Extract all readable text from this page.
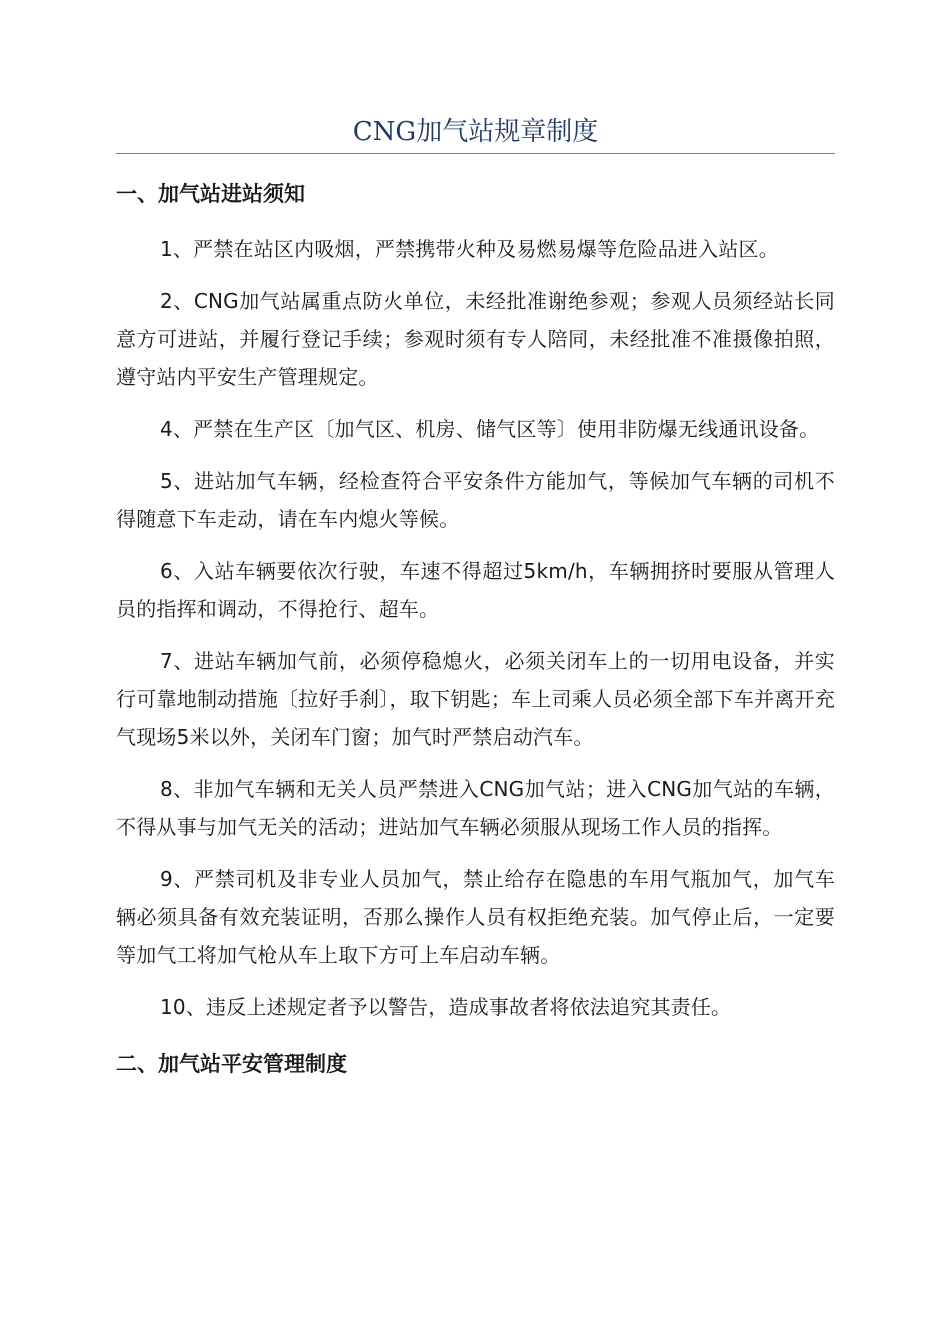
CNG加气站规章制度
一、加气站进站须知

1、严禁在站区内吸烟，严禁携带火种及易燃易爆等危险品进入站区。

2、CNG加气站属重点防火单位，未经批准谢绝参观；参观人员须经站长同意方可进站，并履行登记手续；参观时须有专人陪同，未经批准不准摄像拍照，遵守站内平安生产管理规定。

4、严禁在生产区〔加气区、机房、储气区等〕使用非防爆无线通讯设备。

5、进站加气车辆，经检查符合平安条件方能加气，等候加气车辆的司机不得随意下车走动，请在车内熄火等候。

6、入站车辆要依次行驶，车速不得超过5km/h，车辆拥挤时要服从管理人员的指挥和调动，不得抢行、超车。

7、进站车辆加气前，必须停稳熄火，必须关闭车上的一切用电设备，并实行可靠地制动措施〔拉好手刹〕，取下钥匙；车上司乘人员必须全部下车并离开充气现场5米以外，关闭车门窗；加气时严禁启动汽车。

8、非加气车辆和无关人员严禁进入CNG加气站；进入CNG加气站的车辆，不得从事与加气无关的活动；进站加气车辆必须服从现场工作人员的指挥。

9、严禁司机及非专业人员加气，禁止给存在隐患的车用气瓶加气，加气车辆必须具备有效充装证明，否那么操作人员有权拒绝充装。加气停止后，一定要等加气工将加气枪从车上取下方可上车启动车辆。

10、违反上述规定者予以警告，造成事故者将依法追究其责任。

二、加气站平安管理制度
